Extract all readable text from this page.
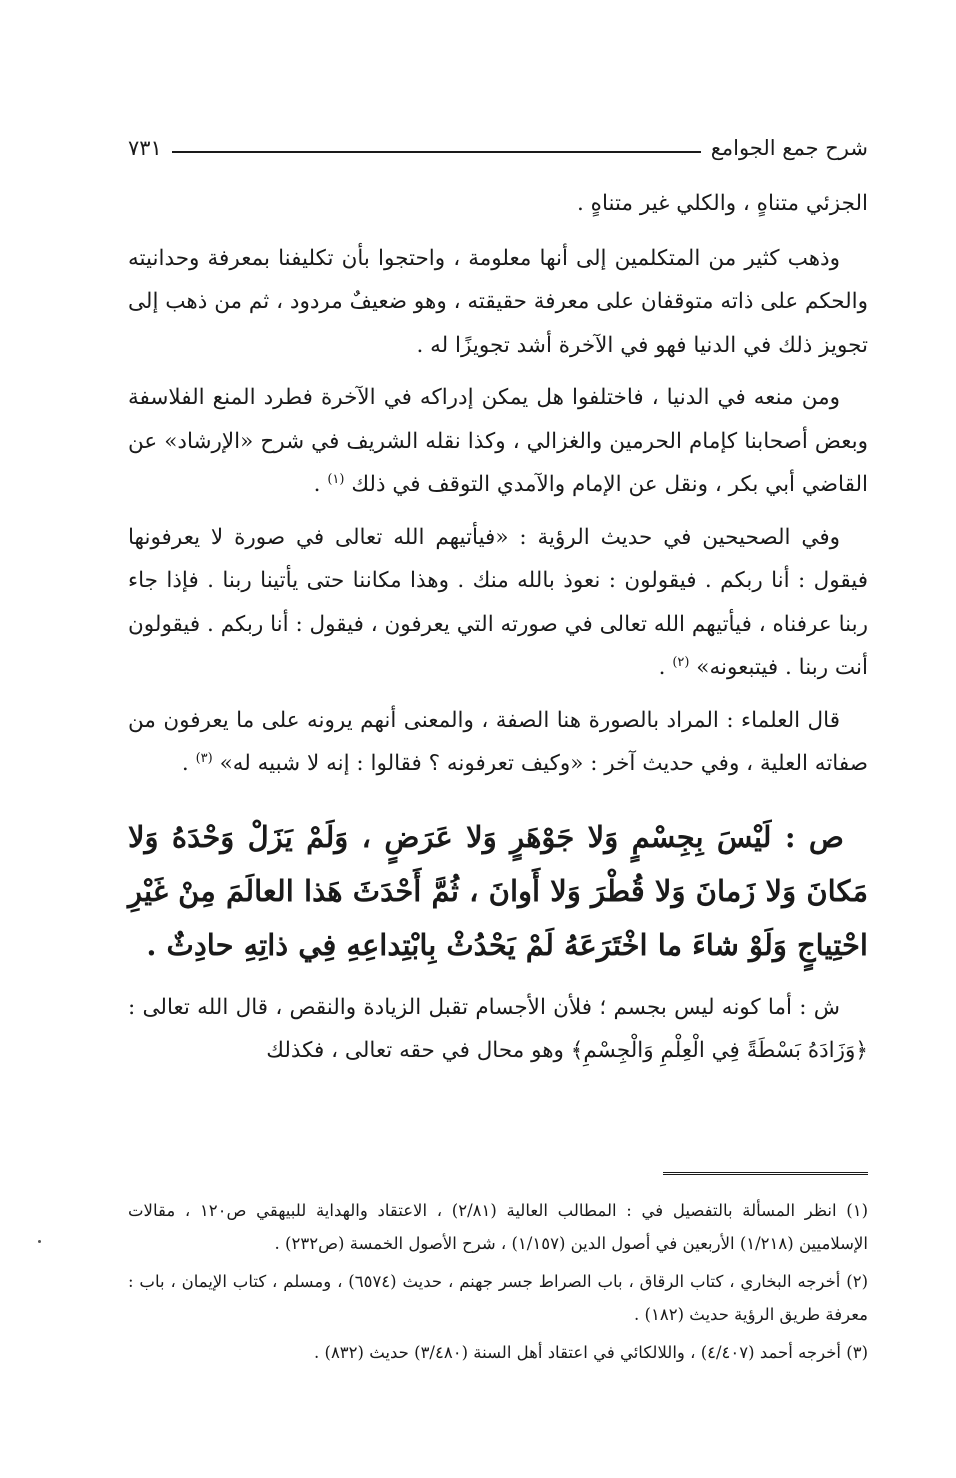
شرح جمع الجوامع
٧٣١

الجزئي متناهٍ ، والكلي غير متناهٍ .

وذهب كثير من المتكلمين إلى أنها معلومة ، واحتجوا بأن تكليفنا بمعرفة وحدانيته والحكم على ذاته متوقفان على معرفة حقيقته ، وهو ضعيفٌ مردود ، ثم من ذهب إلى تجويز ذلك في الدنيا فهو في الآخرة أشد تجويزًا له .

ومن منعه في الدنيا ، فاختلفوا هل يمكن إدراكه في الآخرة فطرد المنع الفلاسفة وبعض أصحابنا كإمام الحرمين والغزالي ، وكذا نقله الشريف في شرح «الإرشاد» عن القاضي أبي بكر ، ونقل عن الإمام والآمدي التوقف في ذلك $^{(١)}$ .

وفي الصحيحين في حديث الرؤية : «فيأتيهم الله تعالى في صورة لا يعرفونها فيقول : أنا ربكم . فيقولون : نعوذ بالله منك . وهذا مكاننا حتى يأتينا ربنا . فإذا جاء ربنا عرفناه ، فيأتيهم الله تعالى في صورته التي يعرفون ، فيقول : أنا ربكم . فيقولون أنت ربنا . فيتبعونه» $^{(٢)}$ .

قال العلماء : المراد بالصورة هنا الصفة ، والمعنى أنهم يرونه على ما يعرفون من صفاته العلية ، وفي حديث آخر : «وكيف تعرفونه ؟ فقالوا : إنه لا شبيه له» $^{(٣)}$ .

ص : لَيْسَ بِجِسْمٍ وَلا جَوْهَرٍ وَلا عَرَضٍ ، وَلَمْ يَزَلْ وَحْدَهُ وَلا مَكانَ وَلا زَمانَ وَلا قُطْرَ وَلا أَوانَ ، ثُمَّ أَحْدَثَ هَذا العالَمَ مِنْ غَيْرِ احْتِياجٍ وَلَوْ شاءَ ما اخْتَرَعَهُ لَمْ يَحْدُثْ بِابْتِداعِهِ فِي ذاتِهِ حادِثٌ .

ش : أما كونه ليس بجسم ؛ فلأن الأجسام تقبل الزيادة والنقص ، قال الله تعالى : ﴿وَزَادَهُ بَسْطَةً فِي الْعِلْمِ وَالْجِسْمِ﴾ وهو محال في حقه تعالى ، فكذلك

(١) انظر المسألة بالتفصيل في : المطالب العالية (٢/٨١) ، الاعتقاد والهداية للبيهقي ص١٢٠ ، مقالات الإسلاميين (١/٢١٨) الأربعين في أصول الدين (١/١٥٧) ، شرح الأصول الخمسة (ص٢٣٢) .

(٢) أخرجه البخاري ، كتاب الرقاق ، باب الصراط جسر جهنم ، حديث (٦٥٧٤) ، ومسلم ، كتاب الإيمان ، باب : معرفة طريق الرؤية حديث (١٨٢) .

(٣) أخرجه أحمد (٤/٤٠٧) ، واللالكائي في اعتقاد أهل السنة (٣/٤٨٠) حديث (٨٣٢) .
